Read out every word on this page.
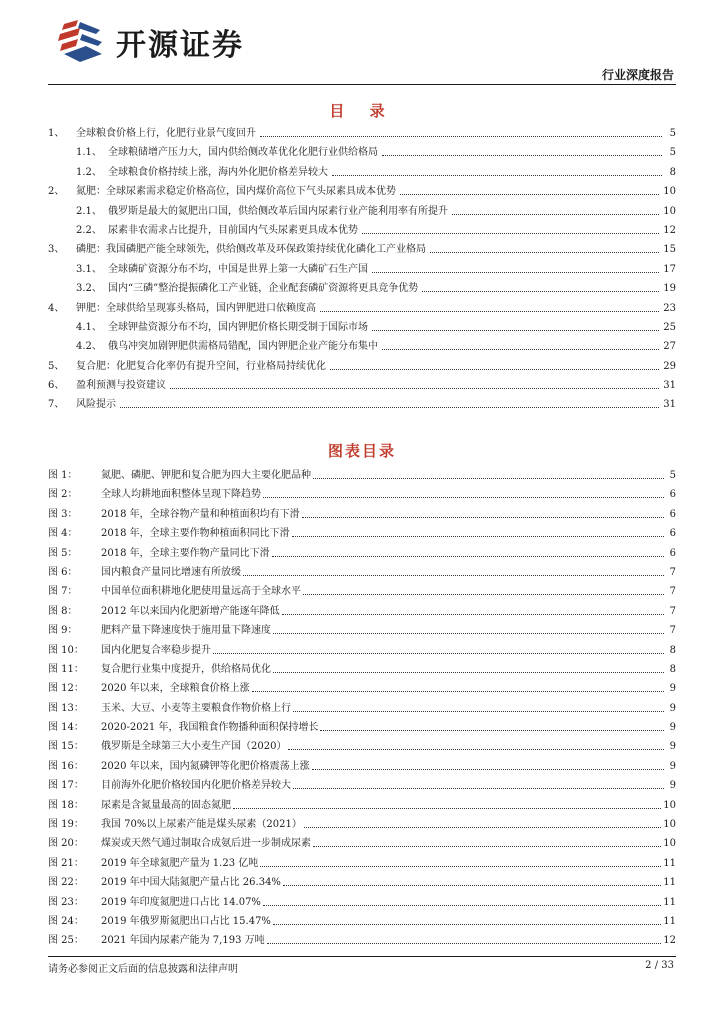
开源证券
行业深度报告
目 录
1、 全球粮食价格上行，化肥行业景气度回升	5
1.1、 全球粮储增产压力大，国内供给侧改革优化化肥行业供给格局	5
1.2、 全球粮食价格持续上涨，海内外化肥价格差异较大	8
2、 氮肥：全球尿素需求稳定价格高位，国内煤价高位下气头尿素具成本优势	10
2.1、 俄罗斯是最大的氮肥出口国，供给侧改革后国内尿素行业产能利用率有所提升	10
2.2、 尿素非农需求占比提升，目前国内气头尿素更具成本优势	12
3、 磷肥：我国磷肥产能全球领先，供给侧改革及环保政策持续优化磷化工产业格局	15
3.1、 全球磷矿资源分布不均，中国是世界上第一大磷矿石生产国	17
3.2、 国内“三磷”整治提振磷化工产业链，企业配套磷矿资源将更具竞争优势	19
4、 钾肥：全球供给呈现寡头格局，国内钾肥进口依赖度高	23
4.1、 全球钾盐资源分布不均，国内钾肥价格长期受制于国际市场	25
4.2、 俄乌冲突加剧钾肥供需格局错配，国内钾肥企业产能分布集中	27
5、 复合肥：化肥复合化率仍有提升空间，行业格局持续优化	29
6、 盈利预测与投资建议	31
7、 风险提示	31
图表目录
图 1： 氮肥、磷肥、钾肥和复合肥为四大主要化肥品种	5
图 2： 全球人均耕地面积整体呈现下降趋势	6
图 3： 2018 年，全球谷物产量和种植面积均有下滑	6
图 4： 2018 年，全球主要作物种植面积同比下滑	6
图 5： 2018 年，全球主要作物产量同比下滑	6
图 6： 国内粮食产量同比增速有所放缓	7
图 7： 中国单位面积耕地化肥使用量远高于全球水平	7
图 8： 2012 年以来国内化肥新增产能逐年降低	7
图 9： 肥料产量下降速度快于施用量下降速度	7
图 10： 国内化肥复合率稳步提升	8
图 11： 复合肥行业集中度提升，供给格局优化	8
图 12： 2020 年以来，全球粮食价格上涨	9
图 13： 玉米、大豆、小麦等主要粮食作物价格上行	9
图 14： 2020-2021 年，我国粮食作物播种面积保持增长	9
图 15： 俄罗斯是全球第三大小麦生产国（2020）	9
图 16： 2020 年以来，国内氮磷钾等化肥价格震荡上涨	9
图 17： 目前海外化肥价格较国内化肥价格差异较大	9
图 18： 尿素是含氮量最高的固态氮肥	10
图 19： 我国 70%以上尿素产能是煤头尿素（2021）	10
图 20： 煤炭或天然气通过制取合成氨后进一步制成尿素	10
图 21： 2019 年全球氮肥产量为 1.23 亿吨	11
图 22： 2019 年中国大陆氮肥产量占比 26.34%	11
图 23： 2019 年印度氮肥进口占比 14.07%	11
图 24： 2019 年俄罗斯氮肥出口占比 15.47%	11
图 25： 2021 年国内尿素产能为 7,193 万吨	12
请务必参阅正文后面的信息披露和法律声明	2 / 33
